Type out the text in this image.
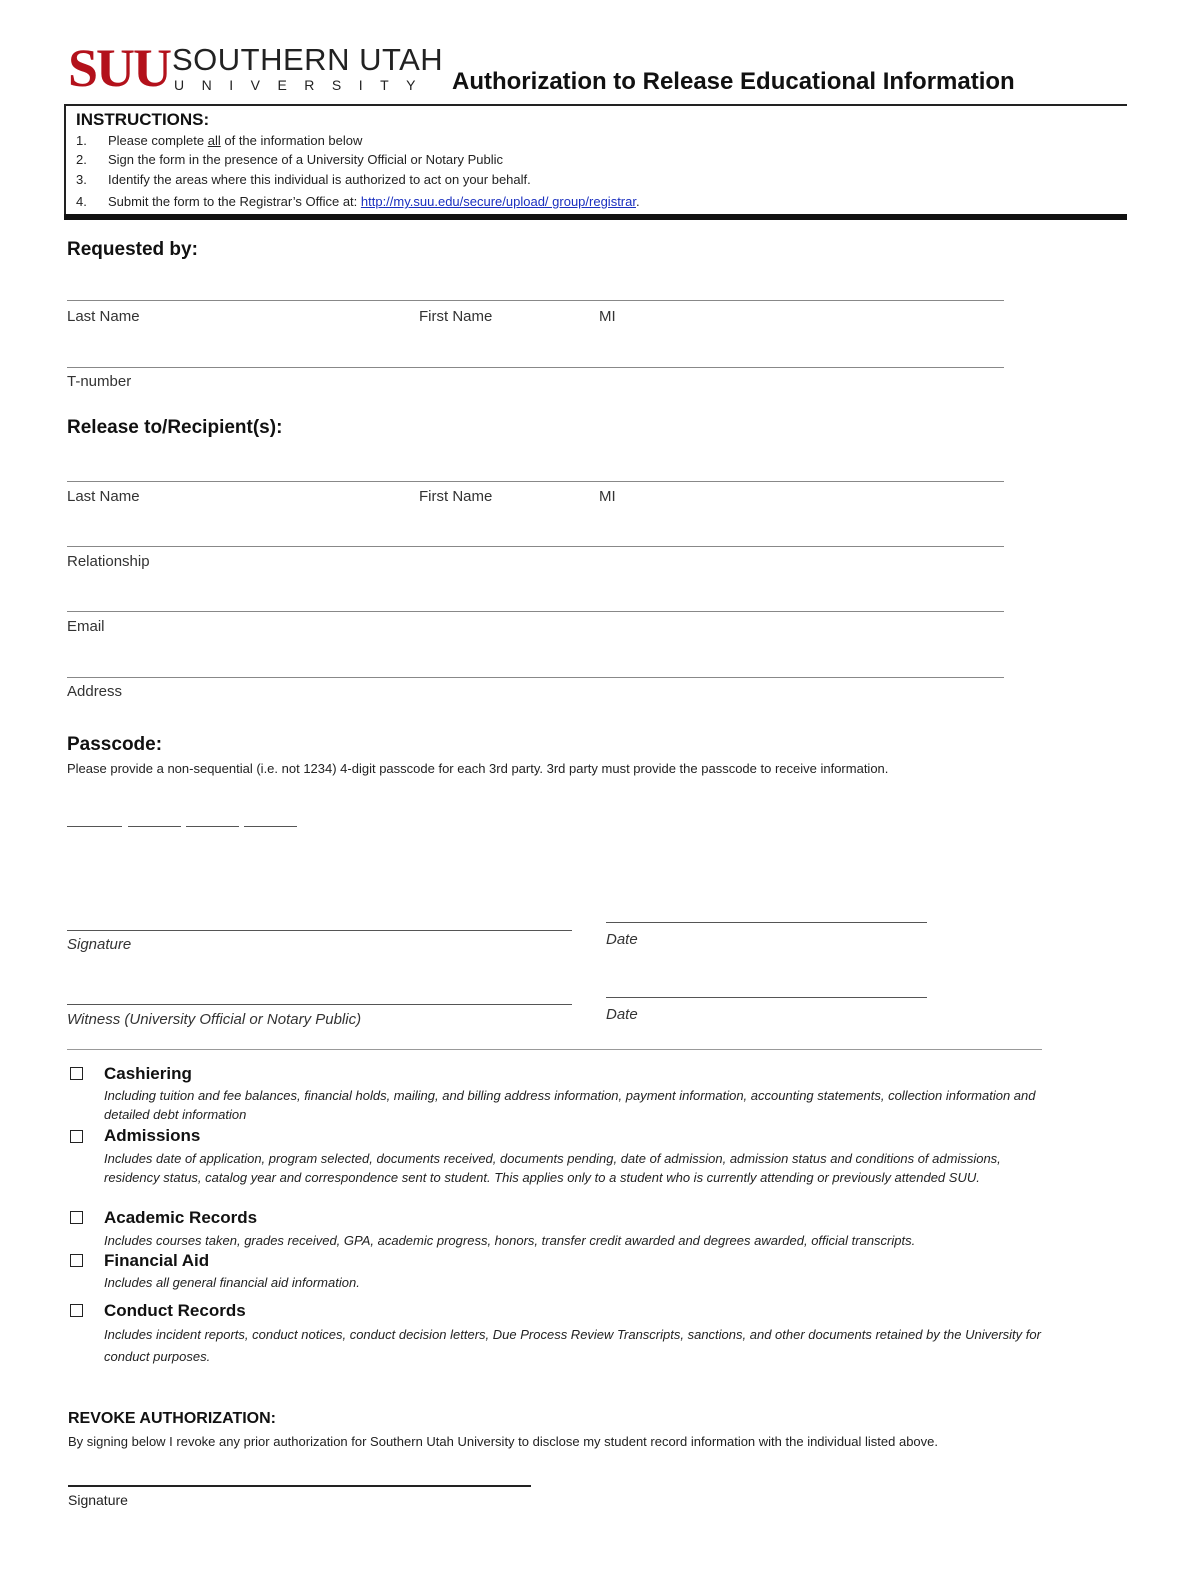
SUU SOUTHERN UTAH
UNIVERSITY Authorization to Release Educational Information
INSTRUCTIONS:
1. Please complete all of the information below
2. Sign the form in the presence of a University Official or Notary Public
3. Identify the areas where this individual is authorized to act on your behalf.
4. Submit the form to the Registrar’s Office at: http://my.suu.edu/secure/upload/ group/registrar.
Requested by:
Last Name	First Name	MI
T-number
Release to/Recipient(s):
Last Name	First Name	MI
Relationship
Email
Address
Passcode:
Please provide a non-sequential (i.e. not 1234) 4-digit passcode for each 3rd party. 3rd party must provide the passcode to receive information.
Signature	Date
Witness (University Official or Notary Public)	Date
Cashiering
Including tuition and fee balances, financial holds, mailing, and billing address information, payment information, accounting statements, collection information and detailed debt information
Admissions
Includes date of application, program selected, documents received, documents pending, date of admission, admission status and conditions of admissions, residency status, catalog year and correspondence sent to student. This applies only to a student who is currently attending or previously attended SUU.
Academic Records
Includes courses taken, grades received, GPA, academic progress, honors, transfer credit awarded and degrees awarded, official transcripts.
Financial Aid
Includes all general financial aid information.
Conduct Records
Includes incident reports, conduct notices, conduct decision letters, Due Process Review Transcripts, sanctions, and other documents retained by the University for conduct purposes.
REVOKE AUTHORIZATION:
By signing below I revoke any prior authorization for Southern Utah University to disclose my student record information with the individual listed above.
Signature
